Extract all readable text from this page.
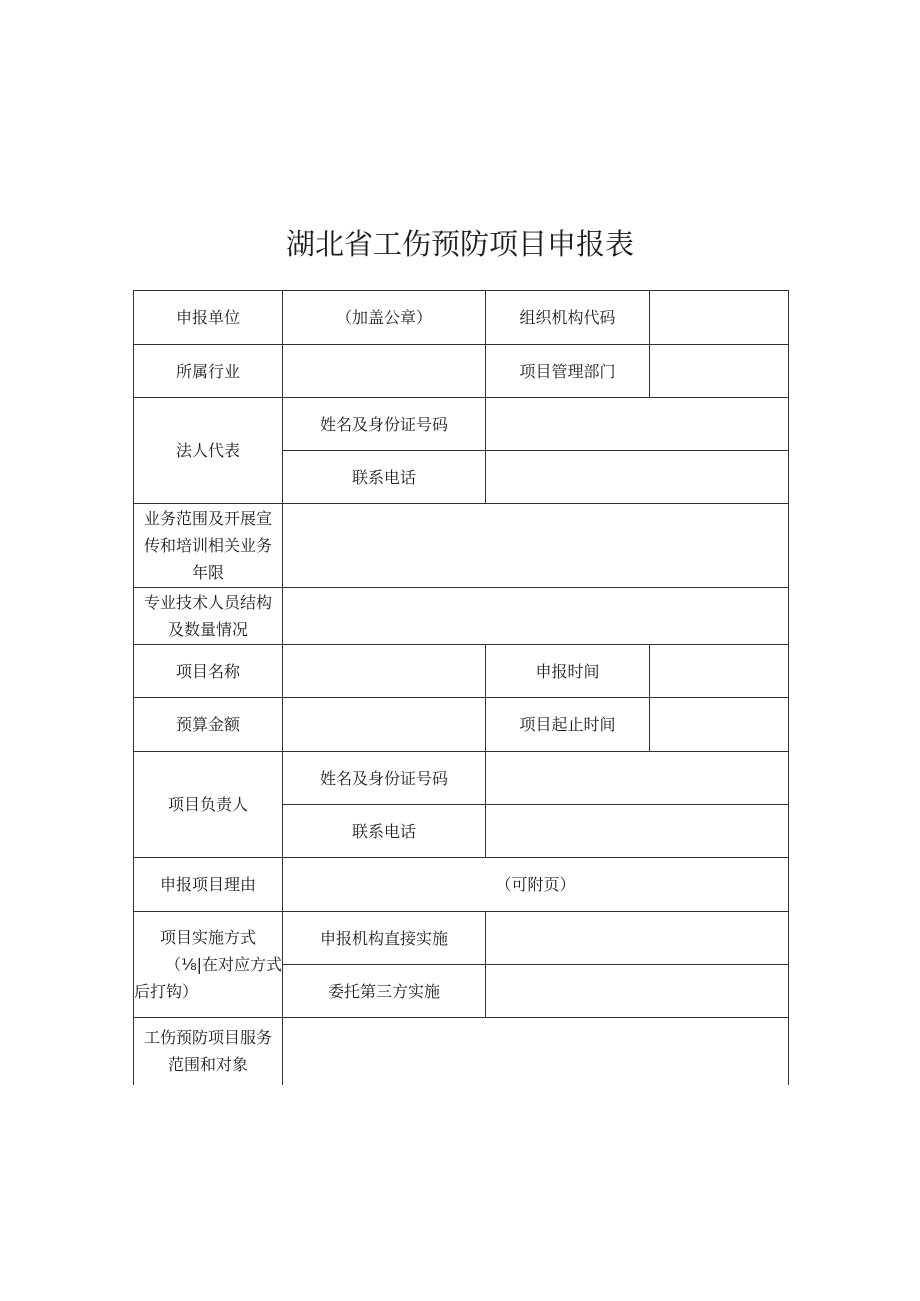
湖北省工伤预防项目申报表
申报单位	（加盖公章）	组织机构代码	
所属行业		项目管理部门	
法人代表	姓名及身份证号码		
	联系电话		
业务范围及开展宣传和培训相关业务年限			
专业技术人员结构及数量情况			
项目名称		申报时间	
预算金额		项目起止时间	
项目负责人	姓名及身份证号码		
	联系电话		
申报项目理由	（可附页）		

项目实施方式
（⅛|在对应方式
后打钩）	申报机构直接实施		
	委托第三方实施		
工伤预防项目服务范围和对象			
